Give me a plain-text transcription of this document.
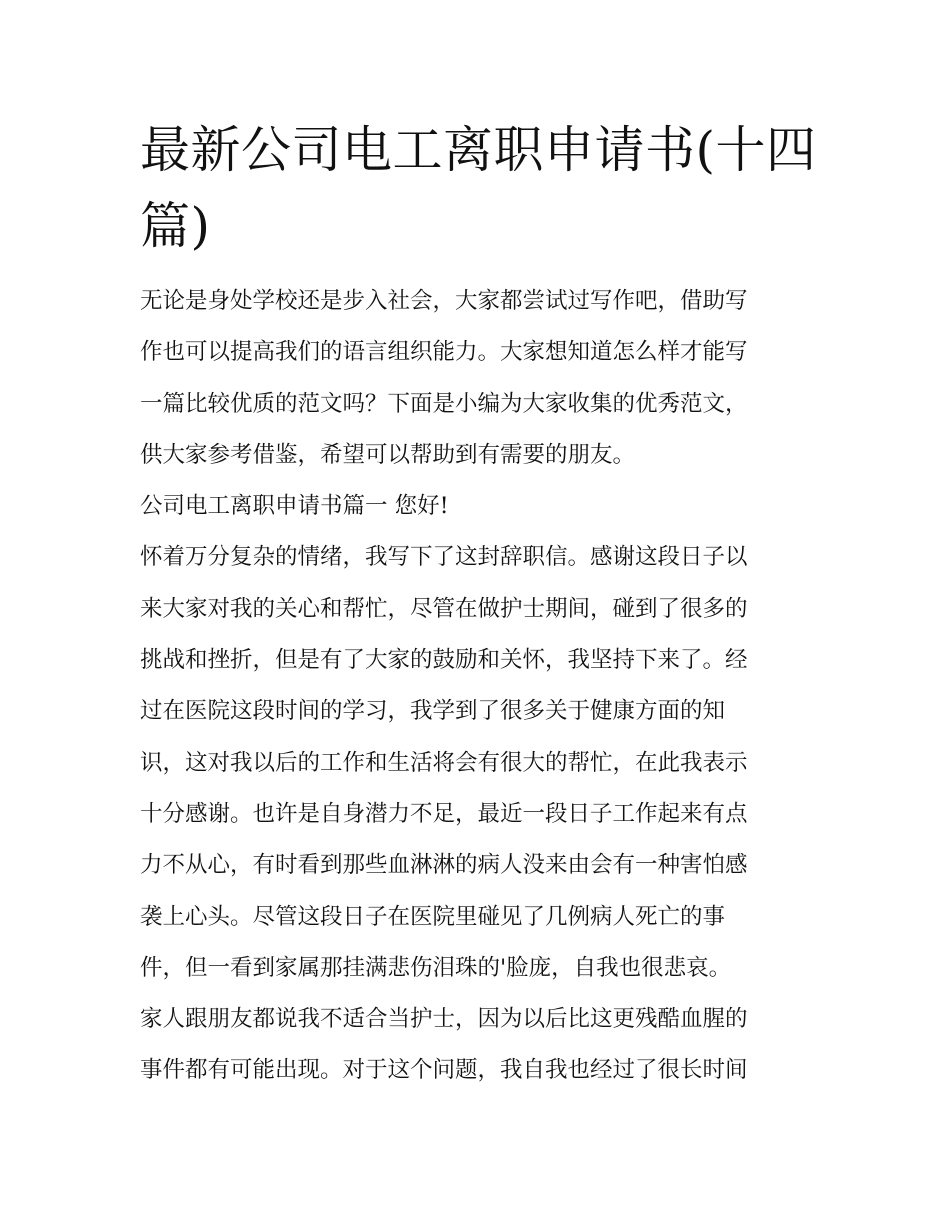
最新公司电工离职申请书(十四
篇)
无论是身处学校还是步入社会，大家都尝试过写作吧，借助写
作也可以提高我们的语言组织能力。大家想知道怎么样才能写
一篇比较优质的范文吗？下面是小编为大家收集的优秀范文，
供大家参考借鉴，希望可以帮助到有需要的朋友。
公司电工离职申请书篇一 您好!
怀着万分复杂的情绪，我写下了这封辞职信。感谢这段日子以
来大家对我的关心和帮忙，尽管在做护士期间，碰到了很多的
挑战和挫折，但是有了大家的鼓励和关怀，我坚持下来了。经
过在医院这段时间的学习，我学到了很多关于健康方面的知
识，这对我以后的工作和生活将会有很大的帮忙，在此我表示
十分感谢。也许是自身潜力不足，最近一段日子工作起来有点
力不从心，有时看到那些血淋淋的病人没来由会有一种害怕感
袭上心头。尽管这段日子在医院里碰见了几例病人死亡的事
件，但一看到家属那挂满悲伤泪珠的'脸庞，自我也很悲哀。
家人跟朋友都说我不适合当护士，因为以后比这更残酷血腥的
事件都有可能出现。对于这个问题，我自我也经过了很长时间
